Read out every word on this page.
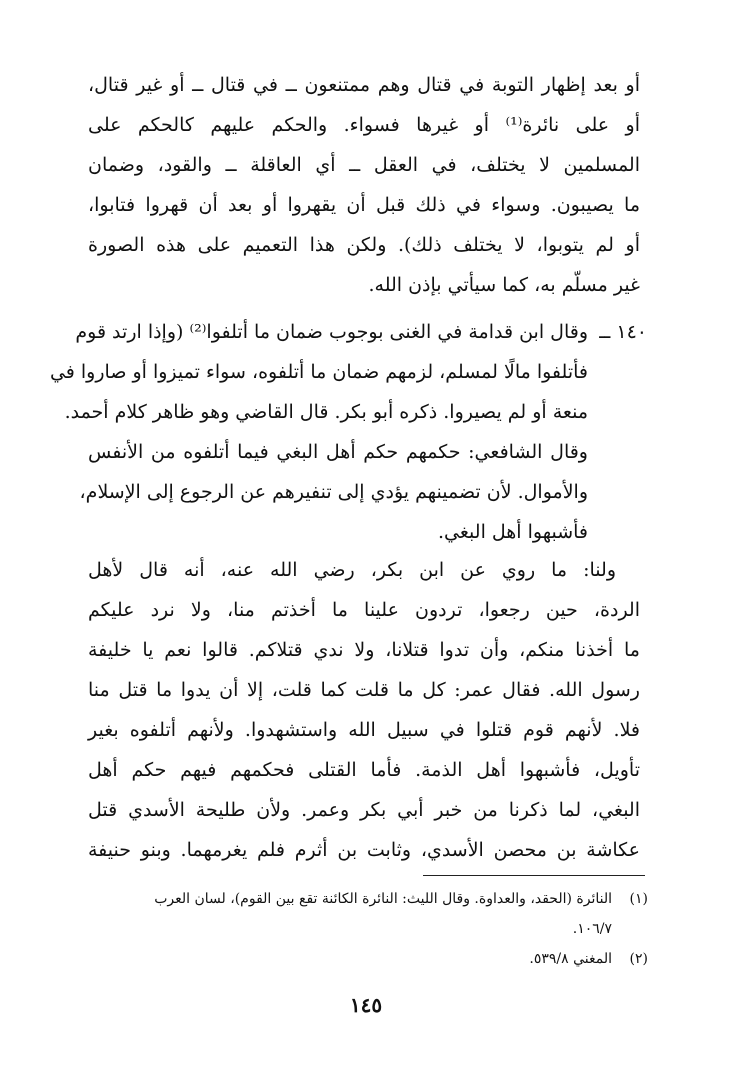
أو بعد إظهار التوبة في قتال وهم ممتنعون ــ في قتال ــ أو غير قتال،
أو على نائرة⁽¹⁾ أو غيرها فسواء. والحكم عليهم كالحكم على
المسلمين لا يختلف، في العقل ــ أي العاقلة ــ والقود، وضمان
ما يصيبون. وسواء في ذلك قبل أن يقهروا أو بعد أن قهروا فتابوا،
أو لم يتوبوا، لا يختلف ذلك). ولكن هذا التعميم على هذه الصورة
غير مسلّم به، كما سيأتي بإذن الله.
وقال ابن قدامة في الغنى بوجوب ضمان ما أتلفوا⁽²⁾ (وإذا ارتد قوم
فأتلفوا مالًا لمسلم، لزمهم ضمان ما أتلفوه، سواء تميزوا أو صاروا في
منعة أو لم يصيروا. ذكره أبو بكر. قال القاضي وهو ظاهر كلام أحمد.
وقال الشافعي: حكمهم حكم أهل البغي فيما أتلفوه من الأنفس
والأموال. لأن تضمينهم يؤدي إلى تنفيرهم عن الرجوع إلى الإسلام،
فأشبهوا أهل البغي.
١٤٠ ــ
ولنا: ما روي عن ابن بكر، رضي الله عنه، أنه قال لأهل
الردة، حين رجعوا، تردون علينا ما أخذتم منا، ولا نرد عليكم
ما أخذنا منكم، وأن تدوا قتلانا، ولا ندي قتلاكم. قالوا نعم يا خليفة
رسول الله. فقال عمر: كل ما قلت كما قلت، إلا أن يدوا ما قتل منا
فلا. لأنهم قوم قتلوا في سبيل الله واستشهدوا. ولأنهم أتلفوه بغير
تأويل، فأشبهوا أهل الذمة. فأما القتلى فحكمهم فيهم حكم أهل
البغي، لما ذكرنا من خبر أبي بكر وعمر. ولأن طليحة الأسدي قتل
عكاشة بن محصن الأسدي، وثابت بن أثرم فلم يغرمهما. وبنو حنيفة
(١)النائرة (الحقد، والعداوة. وقال الليث: النائرة الكائنة تقع بين القوم)، لسان العرب
١٠٦/٧.
(٢)المغني ٥٣٩/٨.
١٤٥
